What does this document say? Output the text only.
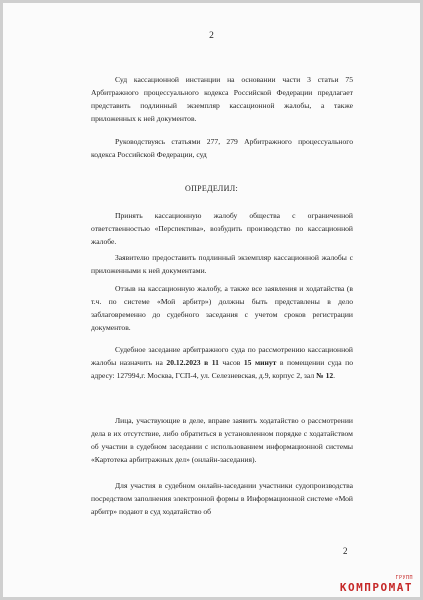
2
Суд кассационной инстанции на основании части 3 статьи 75 Арбитражного процессуального кодекса Российской Федерации предлагает представить подлинный экземпляр кассационной жалобы, а также приложенных к ней документов.
Руководствуясь статьями 277, 279 Арбитражного процессуального кодекса Российской Федерации, суд
ОПРЕДЕЛИЛ:
Принять кассационную жалобу общества с ограниченной ответственностью «Перспектива», возбудить производство по кассационной жалобе.
Заявителю предоставить подлинный экземпляр кассационной жалобы с приложенными к ней документами.
Отзыв на кассационную жалобу, а также все заявления и ходатайства (в т.ч. по системе «Мой арбитр») должны быть представлены в дело заблаговременно до судебного заседания с учетом сроков регистрации документов.
Судебное заседание арбитражного суда по рассмотрению кассационной жалобы назначить на 20.12.2023 в 11 часов 15 минут в помещении суда по адресу: 127994,г. Москва, ГСП-4, ул. Селезневская, д.9, корпус 2, зал № 12.
Лица, участвующие в деле, вправе заявить ходатайство о рассмотрении дела в их отсутствие, либо обратиться в установленном порядке с ходатайством об участии в судебном заседании с использованием информационной системы «Картотека арбитражных дел» (онлайн-заседания).
Для участия в судебном онлайн-заседании участники судопроизводства посредством заполнения электронной формы в Информационной системе «Мой арбитр» подают в суд ходатайство об
2
ГРУПП
КОМПРОМАТ
